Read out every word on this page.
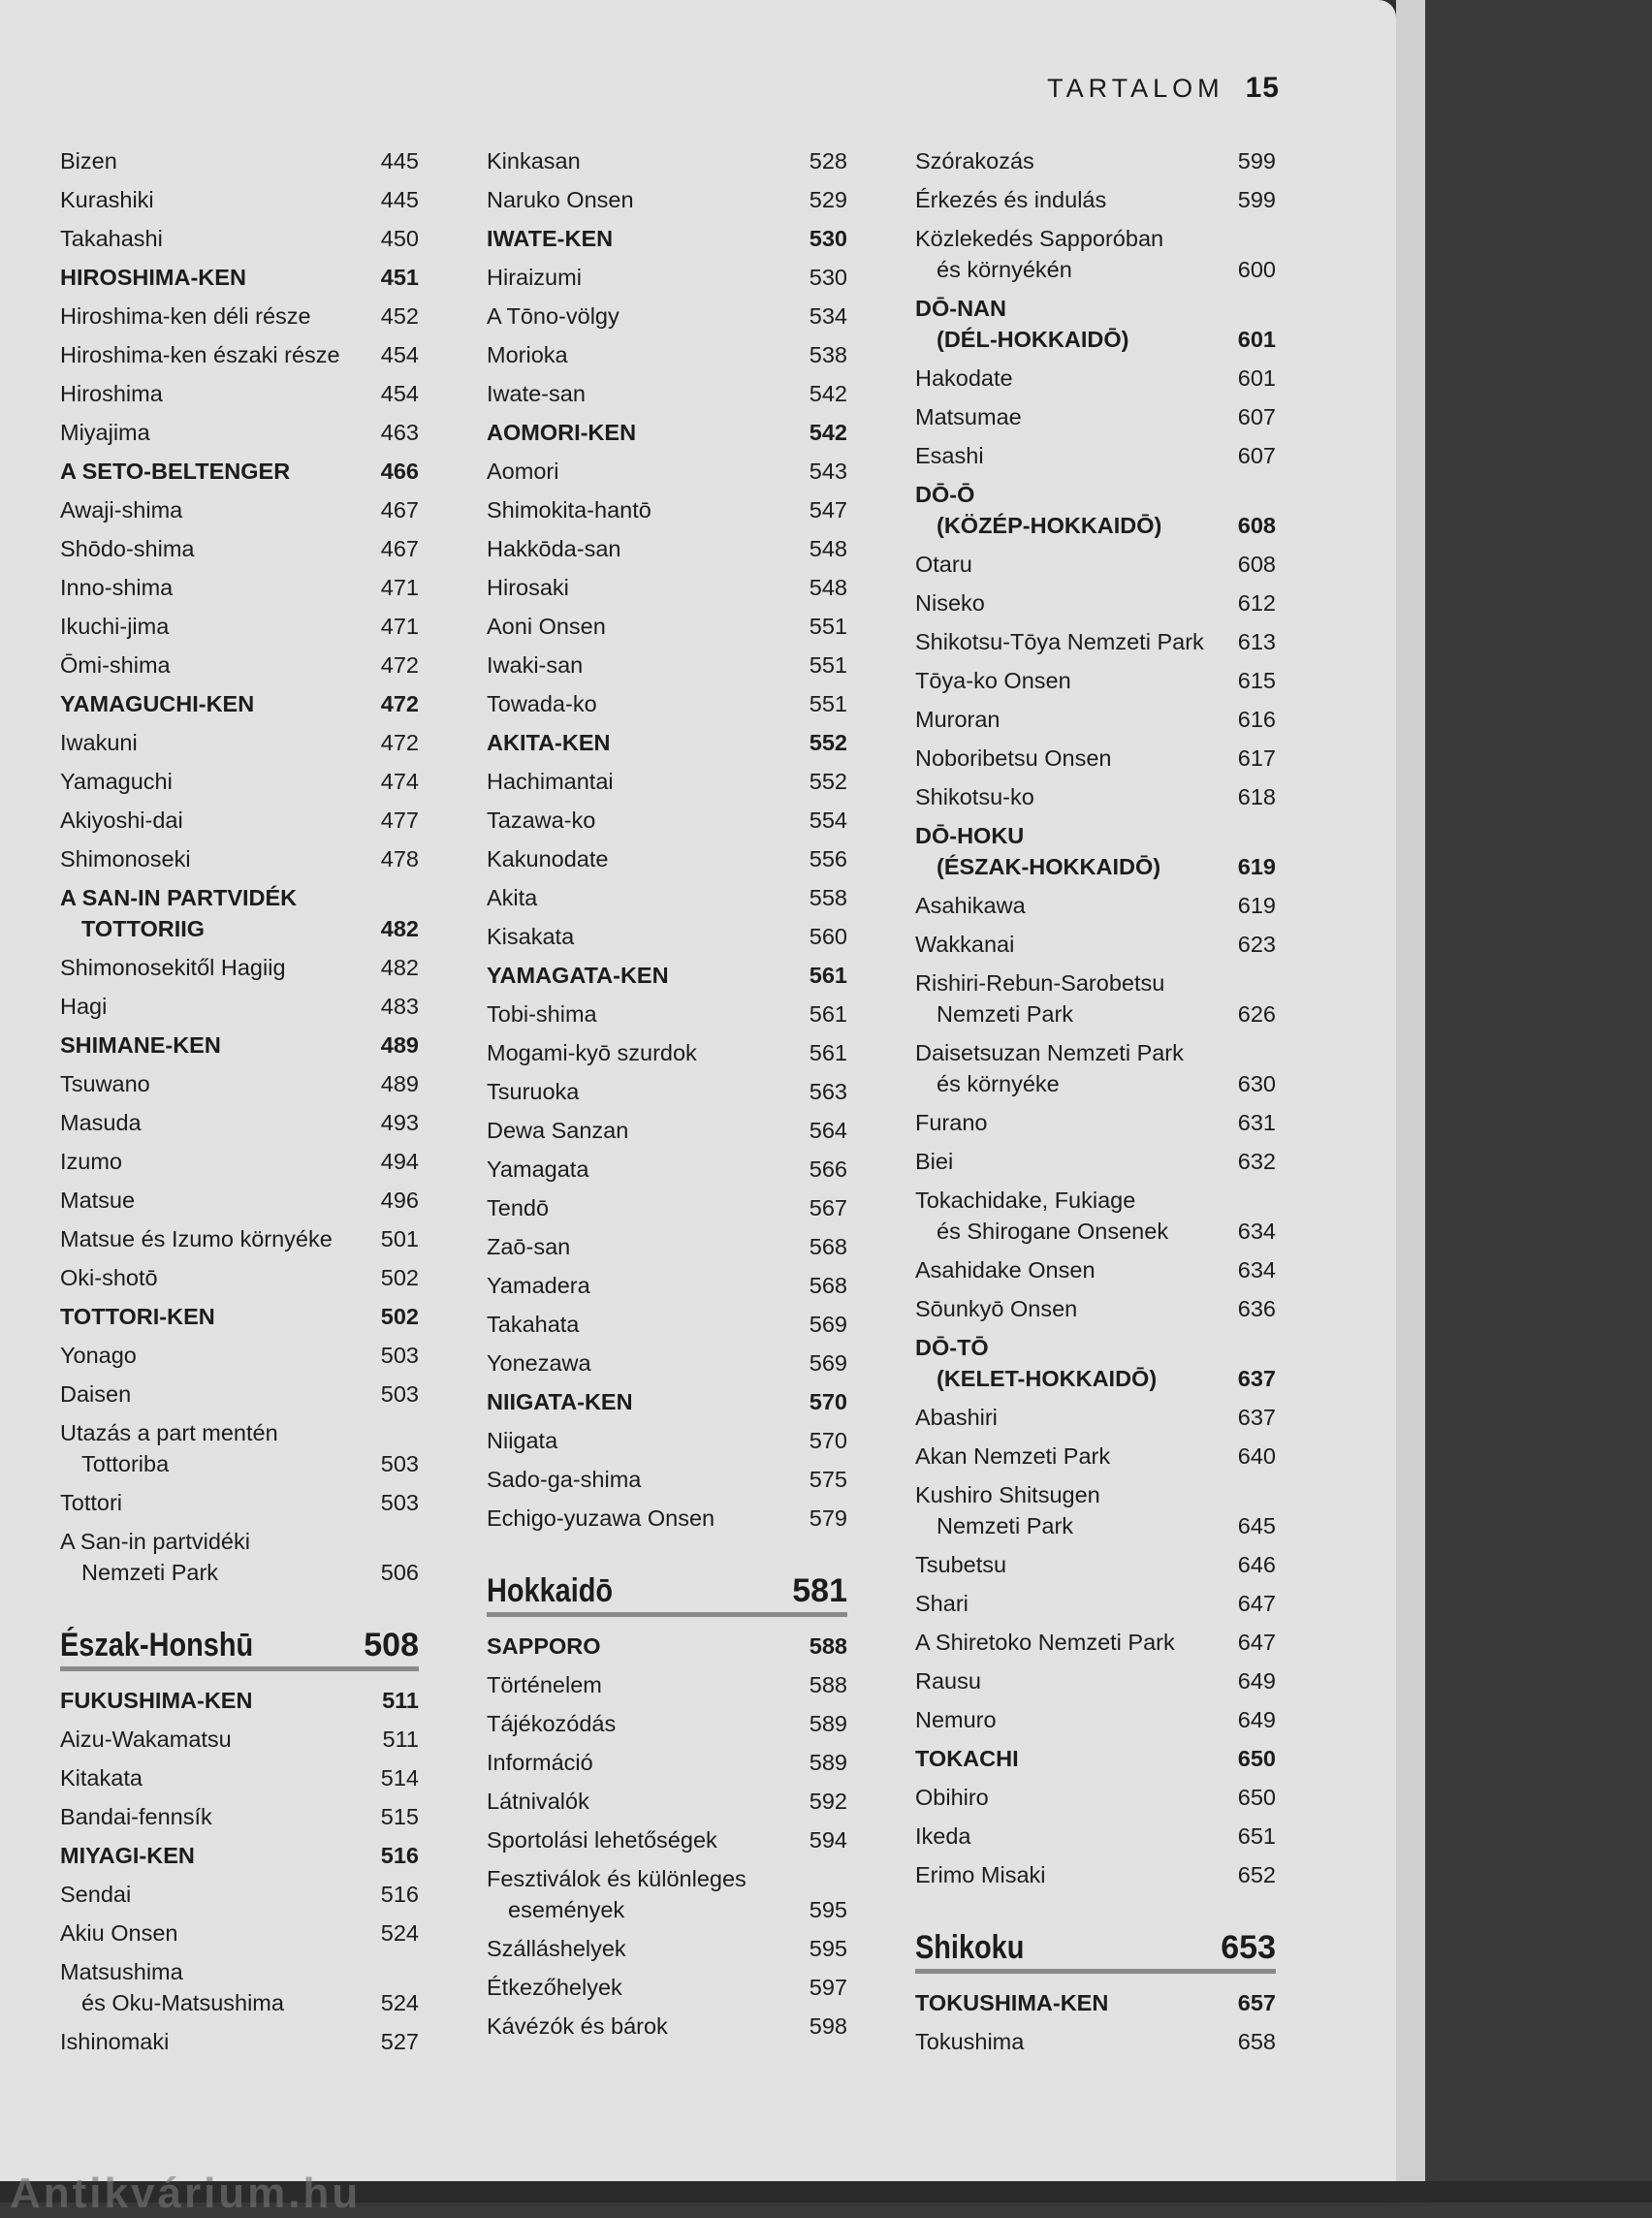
TARTALOM 15
Bizen	445
Kurashiki	445
Takahashi	450
HIROSHIMA-KEN	451
Hiroshima-ken déli része	452
Hiroshima-ken északi része	454
Hiroshima	454
Miyajima	463
A SETO-BELTENGER	466
Awaji-shima	467
Shōdo-shima	467
Inno-shima	471
Ikuchi-jima	471
Ōmi-shima	472
YAMAGUCHI-KEN	472
Iwakuni	472
Yamaguchi	474
Akiyoshi-dai	477
Shimonoseki	478
A SAN-IN PARTVIDÉK
TOTTORIIG	482
Shimonosekitől Hagiig	482
Hagi	483
SHIMANE-KEN	489
Tsuwano	489
Masuda	493
Izumo	494
Matsue	496
Matsue és Izumo környéke	501
Oki-shotō	502
TOTTORI-KEN	502
Yonago	503
Daisen	503
Utazás a part mentén
Tottoriba	503
Tottori	503
A San-in partvidéki
Nemzeti Park	506
Észak-Honshū	508
FUKUSHIMA-KEN	511
Aizu-Wakamatsu	511
Kitakata	514
Bandai-fennsík	515
MIYAGI-KEN	516
Sendai	516
Akiu Onsen	524
Matsushima
és Oku-Matsushima	524
Ishinomaki	527
Kinkasan	528
Naruko Onsen	529
IWATE-KEN	530
Hiraizumi	530
A Tōno-völgy	534
Morioka	538
Iwate-san	542
AOMORI-KEN	542
Aomori	543
Shimokita-hantō	547
Hakkōda-san	548
Hirosaki	548
Aoni Onsen	551
Iwaki-san	551
Towada-ko	551
AKITA-KEN	552
Hachimantai	552
Tazawa-ko	554
Kakunodate	556
Akita	558
Kisakata	560
YAMAGATA-KEN	561
Tobi-shima	561
Mogami-kyō szurdok	561
Tsuruoka	563
Dewa Sanzan	564
Yamagata	566
Tendō	567
Zaō-san	568
Yamadera	568
Takahata	569
Yonezawa	569
NIIGATA-KEN	570
Niigata	570
Sado-ga-shima	575
Echigo-yuzawa Onsen	579
Hokkaidō	581
SAPPORO	588
Történelem	588
Tájékozódás	589
Információ	589
Látnivalók	592
Sportolási lehetőségek	594
Fesztiválok és különleges
események	595
Szálláshelyek	595
Étkezőhelyek	597
Kávézók és bárok	598
Szórakozás	599
Érkezés és indulás	599
Közlekedés Sapporóban
és környékén	600
DŌ-NAN
(DÉL-HOKKAIDŌ)	601
Hakodate	601
Matsumae	607
Esashi	607
DŌ-Ō
(KÖZÉP-HOKKAIDŌ)	608
Otaru	608
Niseko	612
Shikotsu-Tōya Nemzeti Park	613
Tōya-ko Onsen	615
Muroran	616
Noboribetsu Onsen	617
Shikotsu-ko	618
DŌ-HOKU
(ÉSZAK-HOKKAIDŌ)	619
Asahikawa	619
Wakkanai	623
Rishiri-Rebun-Sarobetsu
Nemzeti Park	626
Daisetsuzan Nemzeti Park
és környéke	630
Furano	631
Biei	632
Tokachidake, Fukiage
és Shirogane Onsenek	634
Asahidake Onsen	634
Sōunkyō Onsen	636
DŌ-TŌ
(KELET-HOKKAIDŌ)	637
Abashiri	637
Akan Nemzeti Park	640
Kushiro Shitsugen
Nemzeti Park	645
Tsubetsu	646
Shari	647
A Shiretoko Nemzeti Park	647
Rausu	649
Nemuro	649
TOKACHI	650
Obihiro	650
Ikeda	651
Erimo Misaki	652
Shikoku	653
TOKUSHIMA-KEN	657
Tokushima	658
Antikvárium.hu
